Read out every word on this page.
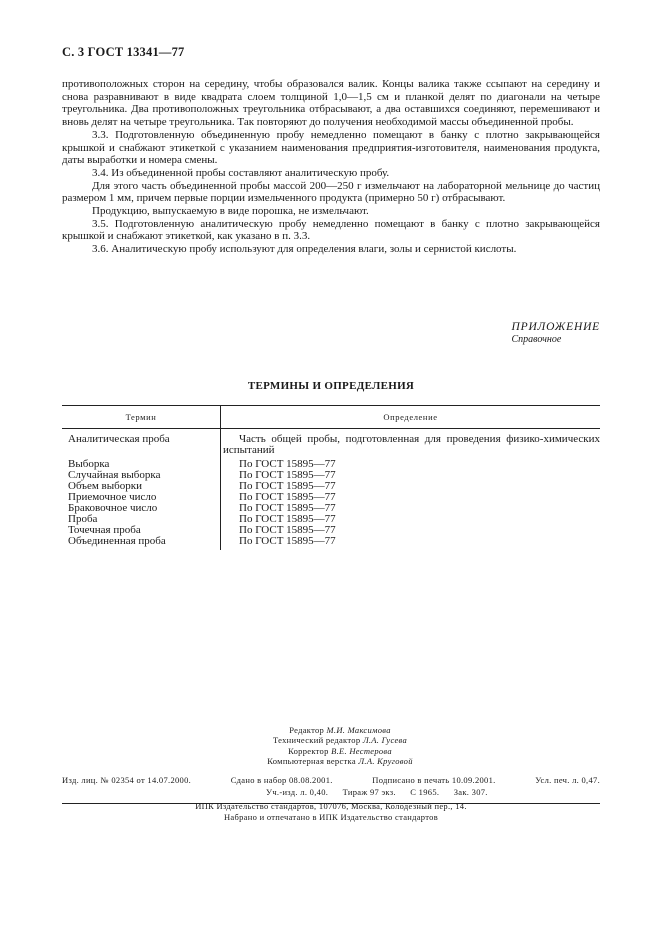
С. 3 ГОСТ 13341—77

противоположных сторон на середину, чтобы образовался валик. Концы валика также ссыпают на середину и снова разравнивают в виде квадрата слоем толщиной 1,0—1,5 см и планкой делят по диагонали на четыре треугольника. Два противоположных треугольника отбрасывают, а два оставшихся соединяют, перемешивают и вновь делят на четыре треугольника. Так повторяют до получения необходимой массы объединенной пробы.

3.3. Подготовленную объединенную пробу немедленно помещают в банку с плотно закрывающейся крышкой и снабжают этикеткой с указанием наименования предприятия-изготовителя, наименования продукта, даты выработки и номера смены.

3.4. Из объединенной пробы составляют аналитическую пробу.

Для этого часть объединенной пробы массой 200—250 г измельчают на лабораторной мельнице до частиц размером 1 мм, причем первые порции измельченного продукта (примерно 50 г) отбрасывают.

Продукцию, выпускаемую в виде порошка, не измельчают.

3.5. Подготовленную аналитическую пробу немедленно помещают в банку с плотно закрывающейся крышкой и снабжают этикеткой, как указано в п. 3.3.

3.6. Аналитическую пробу используют для определения влаги, золы и сернистой кислоты.

ПРИЛОЖЕНИЕ
Справочное
ТЕРМИНЫ И ОПРЕДЕЛЕНИЯ
Термин	Определение
Аналитическая проба	Часть общей пробы, подготовленная для проведения физико-химических испытаний
Выборка	По ГОСТ 15895—77
Случайная выборка	По ГОСТ 15895—77
Объем выборки	По ГОСТ 15895—77
Приемочное число	По ГОСТ 15895—77
Браковочное число	По ГОСТ 15895—77
Проба	По ГОСТ 15895—77
Точечная проба	По ГОСТ 15895—77
Объединенная проба	По ГОСТ 15895—77
Редактор М.И. Максимова
Технический редактор Л.А. Гусева
Корректор В.Е. Нестерова
Компьютерная верстка Л.А. Круговой
Изд. лиц. № 02354 от 14.07.2000.	Сдано в набор 08.08.2001.	Подписано в печать 10.09.2001.	Усл. печ. л. 0,47.
Уч.-изд. л. 0,40. Тираж 97 экз. С 1965. Зак. 307.
ИПК Издательство стандартов, 107076, Москва, Колодезный пер., 14.
Набрано и отпечатано в ИПК Издательство стандартов
